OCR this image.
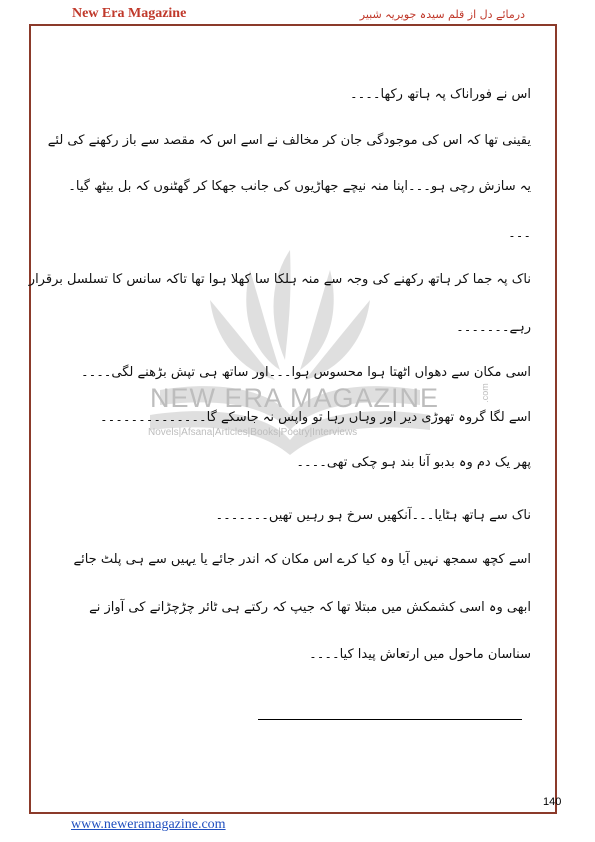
New Era Magazine	درمائے دل از قلم سیدہ جویریہ شبیر
NEW ERA MAGAZINE
Novels|Afsana|Articles|Books|Poetry|Interviews
.com
اس نے فوراناک پہ ہاتھ رکھا۔۔۔۔
یقینی تھا کہ اس کی موجودگی جان کر مخالف نے اسے اس کہ مقصد سے باز رکھنے کی لئے
یہ سازش رچی ہو۔۔۔اپنا منہ نیچے جھاڑیوں کی جانب جھکا کر گھٹنوں کہ بل بیٹھ گیا۔
۔۔۔
ناک پہ جما کر ہاتھ رکھنے کی وجہ سے منہ ہلکا سا کھلا ہوا تھا تاکہ سانس کا تسلسل برقرار
رہے۔۔۔۔۔۔۔
اسی مکان سے دھواں اٹھتا ہوا محسوس ہوا۔۔۔اور ساتھ ہی تپش بڑھنے لگی۔۔۔۔
اسے لگا گروہ تھوڑی دیر اور وہاں رہا تو واپس نہ جاسکے گا۔۔۔۔۔۔۔۔۔۔۔۔۔۔
پھر یک دم وہ بدبو آنا بند ہو چکی تھی۔۔۔۔
ناک سے ہاتھ ہٹایا۔۔۔آنکھیں سرخ ہو رہیں تھیں۔۔۔۔۔۔۔
اسے کچھ سمجھ نہیں آیا وہ کیا کرے اس مکان کہ اندر جائے یا یہیں سے ہی پلٹ جائے
ابھی وہ اسی کشمکش میں مبتلا تھا کہ جیپ کہ رکتے ہی ٹائر چڑچڑانے کی آواز نے
سناسان ماحول میں ارتعاش پیدا کیا۔۔۔۔
140
www.neweramagazine.com
